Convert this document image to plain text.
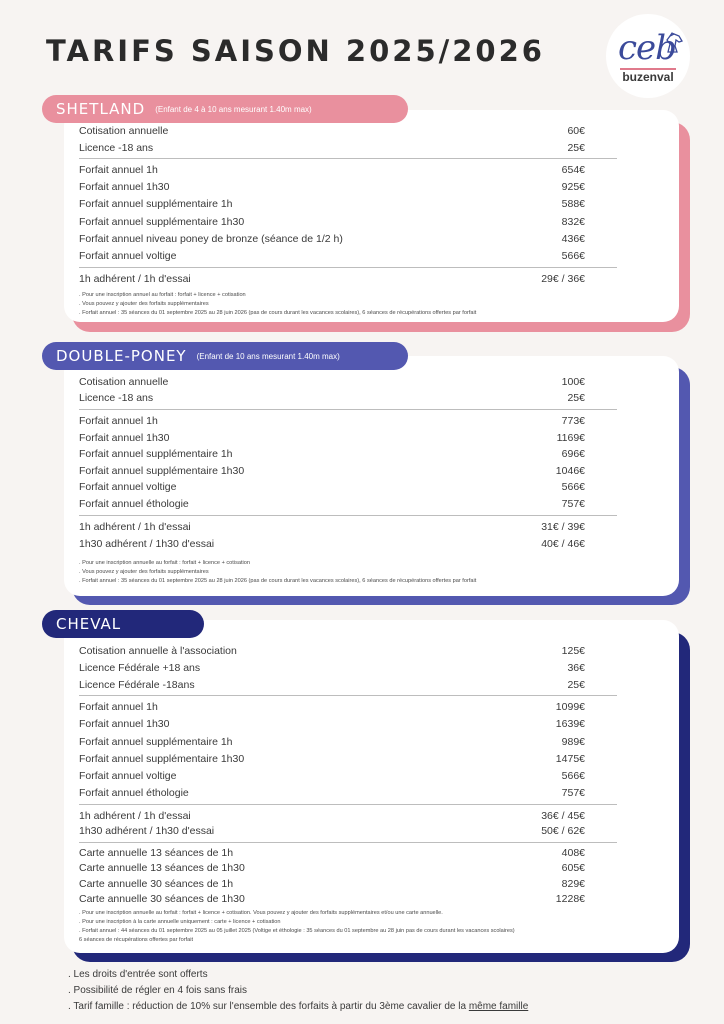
TARIFS SAISON 2025/2026 ceb
buzenval
SHETLAND (Enfant de 4 à 10 ans mesurant 1.40m max)
DOUBLE-PONEY (Enfant de 10 ans mesurant 1.40m max)
CHEVAL
Cotisation annuelle	60€
Licence -18 ans	25€
Forfait annuel 1h	654€
Forfait annuel 1h30	925€
Forfait annuel supplémentaire 1h	588€
Forfait annuel supplémentaire 1h30	832€
Forfait annuel niveau poney de bronze (séance de 1/2 h)	436€
Forfait annuel voltige	566€
1h adhérent / 1h d'essai	29€ / 36€
. Pour une inscription annuel au forfait : forfait + licence + cotisation
. Vous pouvez y ajouter des forfaits supplémentaires
. Forfait annuel : 35 séances du 01 septembre 2025 au 28 juin 2026 (pas de cours durant les vacances scolaires), 6 séances de récupérations offertes par forfait
Cotisation annuelle	100€
Licence -18 ans	25€
Forfait annuel 1h	773€
Forfait annuel 1h30	1169€
Forfait annuel supplémentaire 1h	696€
Forfait annuel supplémentaire 1h30	1046€
Forfait annuel voltige	566€
Forfait annuel éthologie	757€
1h adhérent / 1h d'essai	31€ / 39€
1h30 adhérent / 1h30 d'essai	40€ / 46€
. Pour une inscription annuelle au forfait : forfait + licence + cotisation
. Vous pouvez y ajouter des forfaits supplémentaires
. Forfait annuel : 35 séances du 01 septembre 2025 au 28 juin 2026 (pas de cours durant les vacances scolaires), 6 séances de récupérations offertes par forfait
Cotisation annuelle à l'association	125€
Licence Fédérale +18 ans	36€
Licence Fédérale -18ans	25€
Forfait annuel 1h	1099€
Forfait annuel 1h30	1639€
Forfait annuel supplémentaire 1h	989€
Forfait annuel supplémentaire 1h30	1475€
Forfait annuel voltige	566€
Forfait annuel éthologie	757€
1h adhérent / 1h d'essai	36€ / 45€
1h30 adhérent / 1h30 d'essai	50€ / 62€
Carte annuelle 13 séances de 1h	408€
Carte annuelle 13 séances de 1h30	605€
Carte annuelle 30 séances de 1h	829€
Carte annuelle 30 séances de 1h30	1228€
. Pour une inscription annuelle au forfait : forfait + licence + cotisation. Vous pouvez y ajouter des forfaits supplémentaires et/ou une carte annuelle.
. Pour une inscription à la carte annuelle uniquement : carte + licence + cotisation
. Forfait annuel : 44 séances du 01 septembre 2025 au 05 juillet 2025 (Voltige et éthologie : 35 séances du 01 septembre au 28 juin pas de cours durant les vacances scolaires)
6 séances de récupérations offertes par forfait
. Les droits d'entrée sont offerts
. Possibilité de régler en 4 fois sans frais
. Tarif famille : réduction de 10% sur l'ensemble des forfaits à partir du 3ème cavalier de la même famille
